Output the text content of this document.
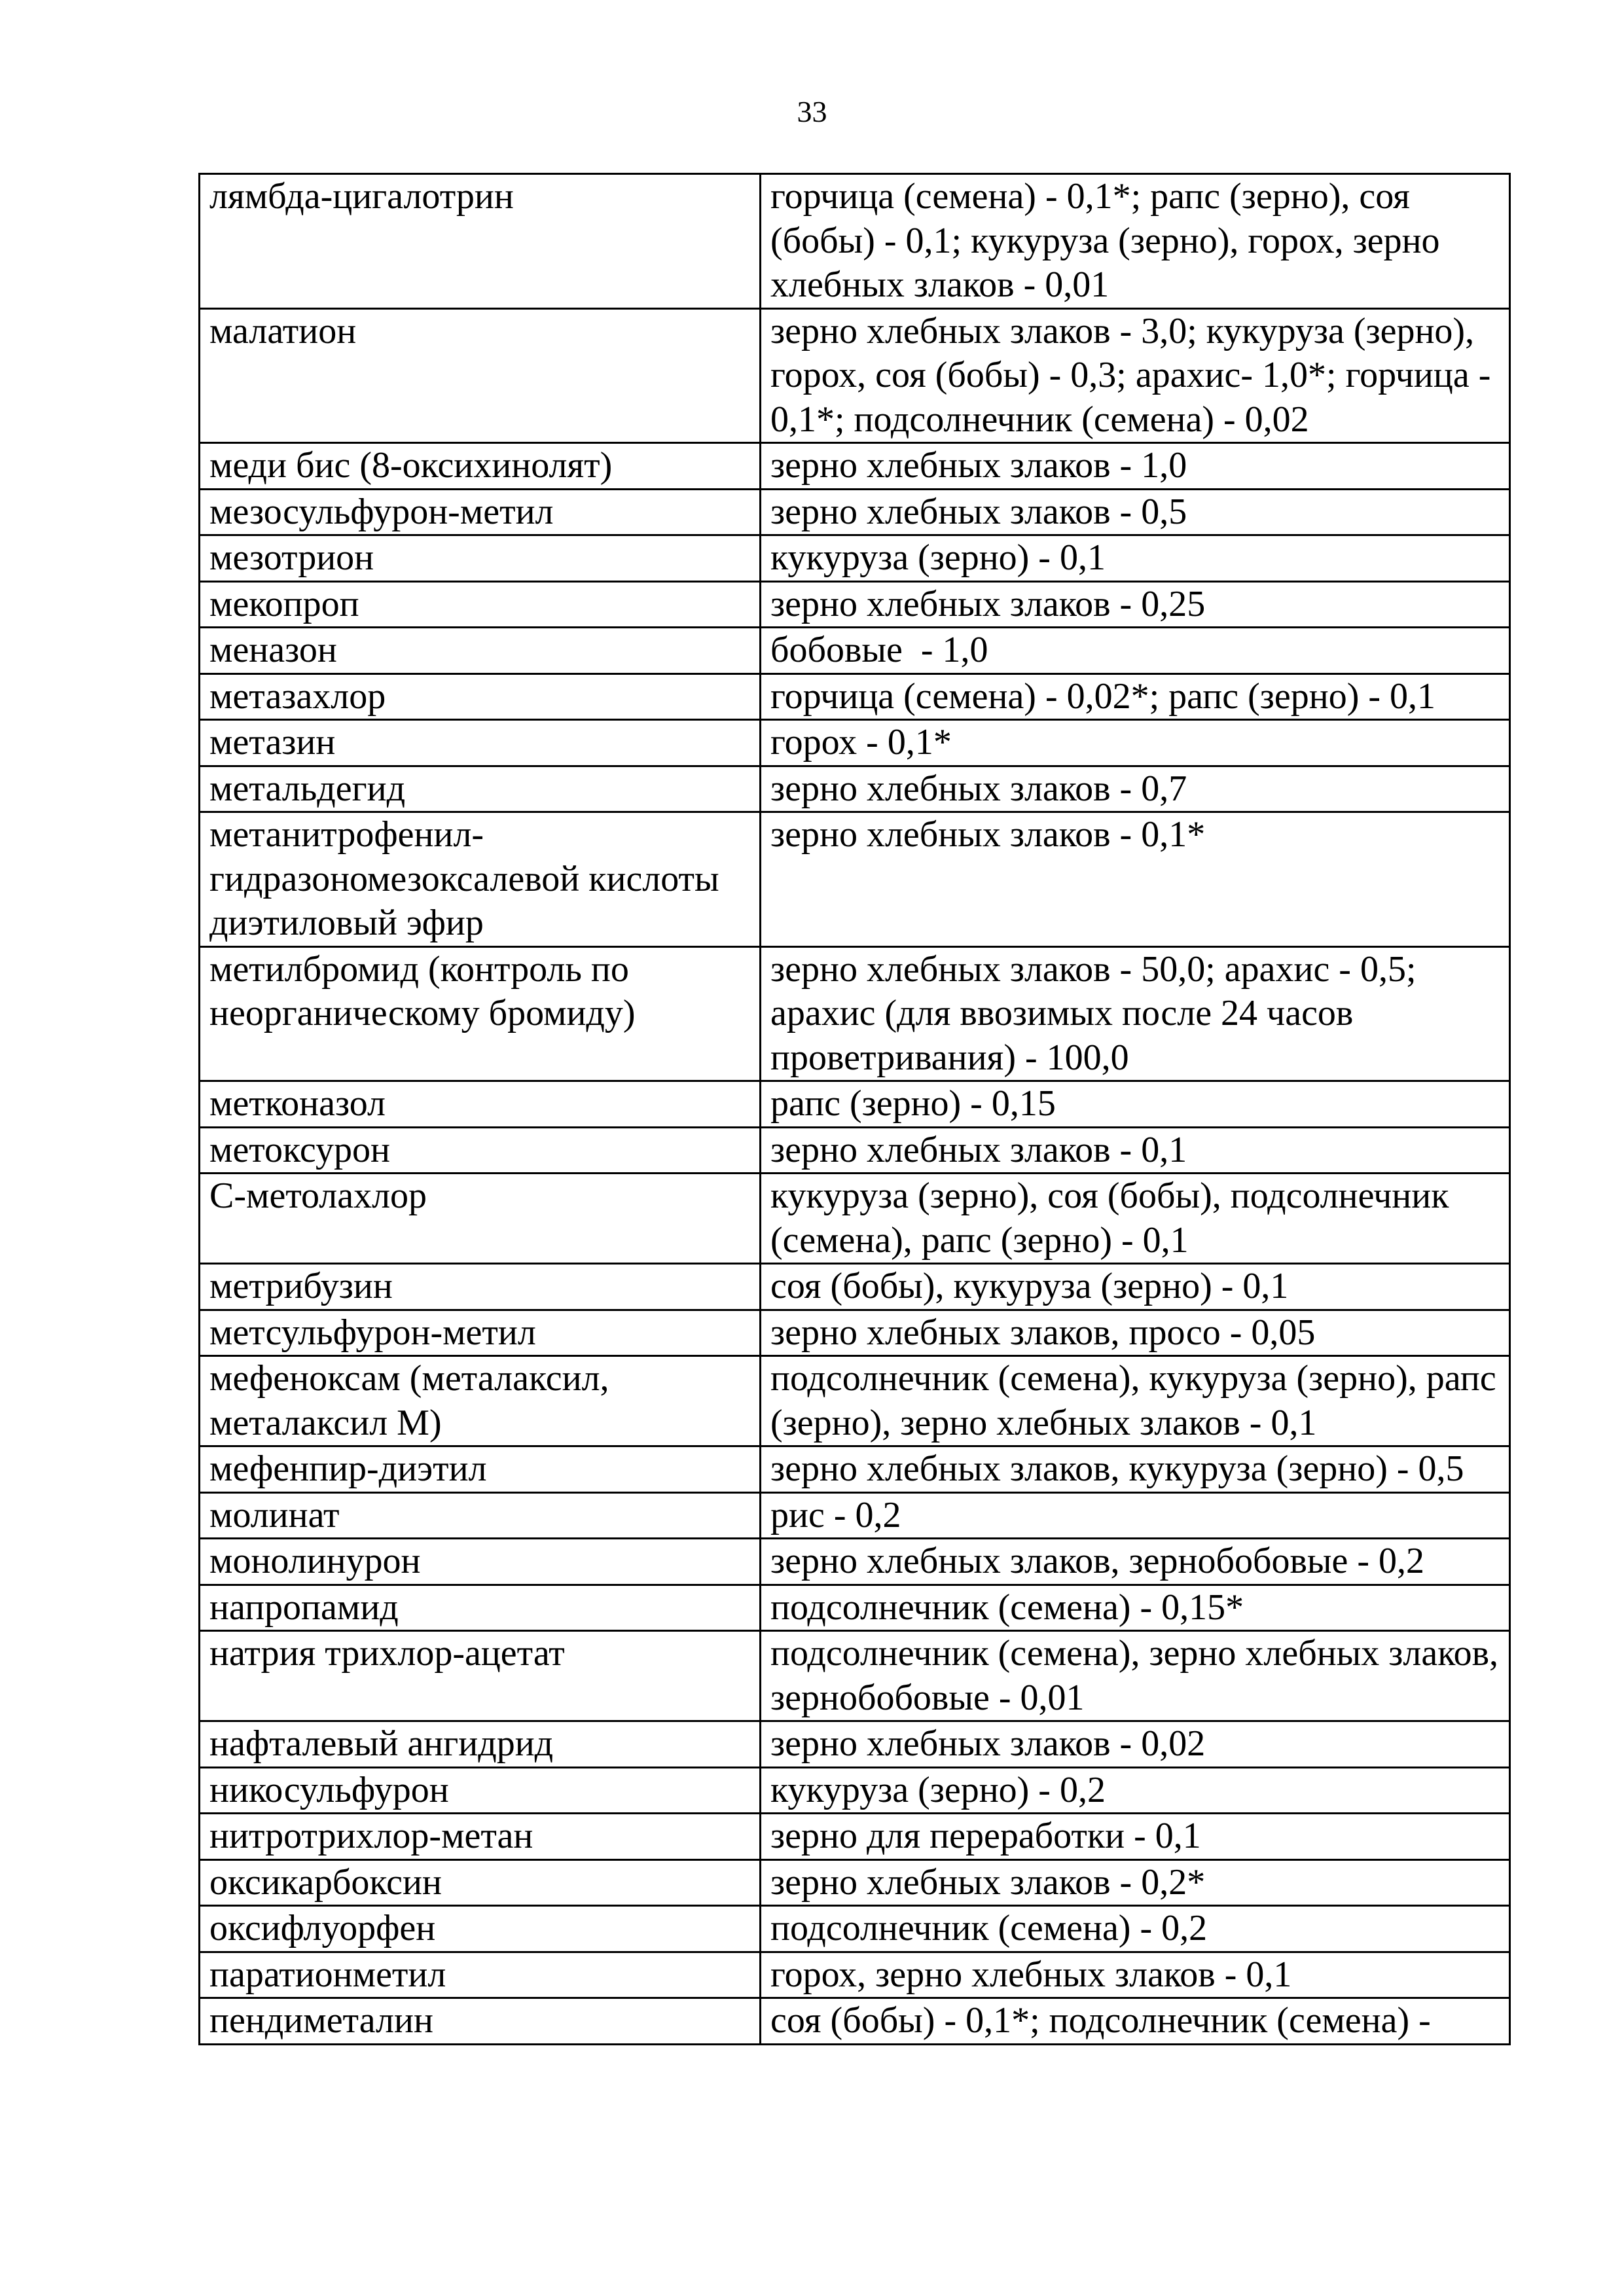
33
лямбда-цигалотрин	горчица (семена) - 0,1*; рапс (зерно), соя (бобы) - 0,1; кукуруза (зерно), горох, зерно хлебных злаков - 0,01
малатион	зерно хлебных злаков - 3,0; кукуруза (зерно), горох, соя (бобы) - 0,3; арахис- 1,0*; горчица - 0,1*; подсолнечник (семена) - 0,02
меди бис (8-оксихинолят)	зерно хлебных злаков - 1,0
мезосульфурон-метил	зерно хлебных злаков - 0,5
мезотрион	кукуруза (зерно) - 0,1
мекопроп	зерно хлебных злаков - 0,25
меназон	бобовые  - 1,0
метазахлор	горчица (семена) - 0,02*; рапс (зерно) - 0,1
метазин	горох - 0,1*
метальдегид	зерно хлебных злаков - 0,7
метанитрофенил-гидразономезоксалевой кислоты диэтиловый эфир	зерно хлебных злаков - 0,1*
метилбромид (контроль по неорганическому бромиду)	зерно хлебных злаков - 50,0; арахис - 0,5; арахис (для ввозимых после 24 часов проветривания) - 100,0
метконазол	рапс (зерно) - 0,15
метоксурон	зерно хлебных злаков - 0,1
С-метолахлор	кукуруза (зерно), соя (бобы), подсолнечник (семена), рапс (зерно) - 0,1
метрибузин	соя (бобы), кукуруза (зерно) - 0,1
метсульфурон-метил	зерно хлебных злаков, просо - 0,05
мефеноксам (металаксил, металаксил М)	подсолнечник (семена), кукуруза (зерно), рапс (зерно), зерно хлебных злаков - 0,1
мефенпир-диэтил	зерно хлебных злаков, кукуруза (зерно) - 0,5
молинат	рис - 0,2
монолинурон	зерно хлебных злаков, зернобобовые - 0,2
напропамид	подсолнечник (семена) - 0,15*
натрия трихлор-ацетат	подсолнечник (семена), зерно хлебных злаков, зернобобовые - 0,01
нафталевый ангидрид	зерно хлебных злаков - 0,02
никосульфурон	кукуруза (зерно) - 0,2
нитротрихлор-метан	зерно для переработки - 0,1
оксикарбоксин	зерно хлебных злаков - 0,2*
оксифлуорфен	подсолнечник (семена) - 0,2
паратионметил	горох, зерно хлебных злаков - 0,1
пендиметалин	соя (бобы) - 0,1*; подсолнечник (семена) -
